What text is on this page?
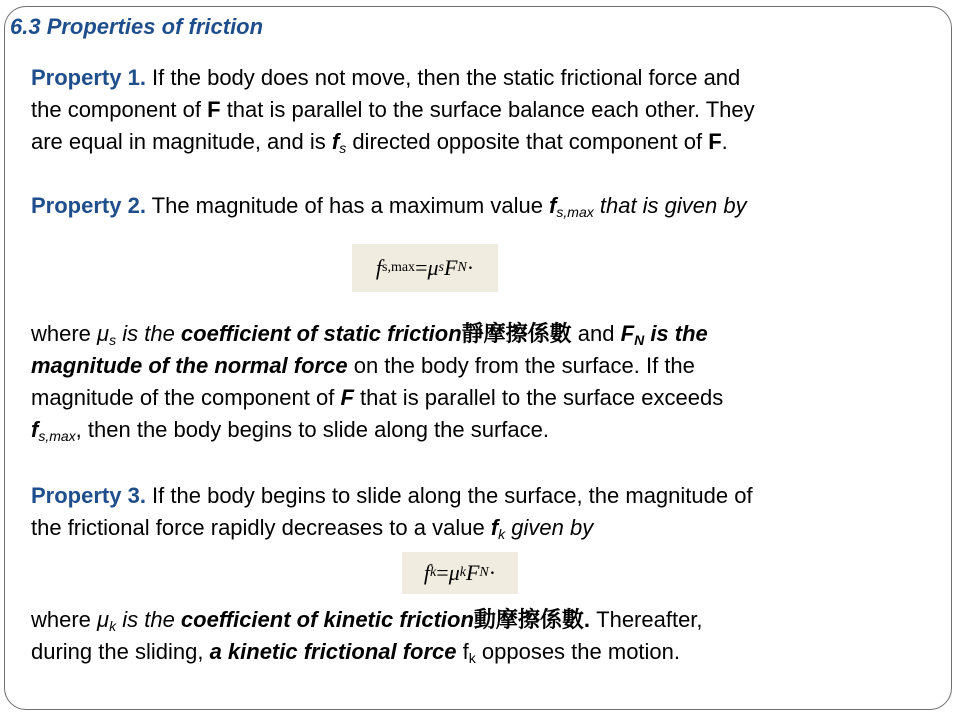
6.3 Properties of friction
Property 1. If the body does not move, then the static frictional force and
the component of F that is parallel to the surface balance each other. They
are equal in magnitude, and is $f_s$ directed opposite that component of F.
Property 2. The magnitude of has a maximum value $f_{s,max}$ that is given by
f s,max = μ s F N ·
where $\mu_s$ is the coefficient of static friction靜摩擦係數 and $F_N$ is the
magnitude of the normal force on the body from the surface. If the
magnitude of the component of F that is parallel to the surface exceeds
$f_{s,max}$, then the body begins to slide along the surface.
Property 3. If the body begins to slide along the surface, the magnitude of
the frictional force rapidly decreases to a value $f_k$ given by
f k = μ k F N ·
where $\mu_k$ is the coefficient of kinetic friction動摩擦係數. Thereafter,
during the sliding, a kinetic frictional force $f_k$ opposes the motion.
